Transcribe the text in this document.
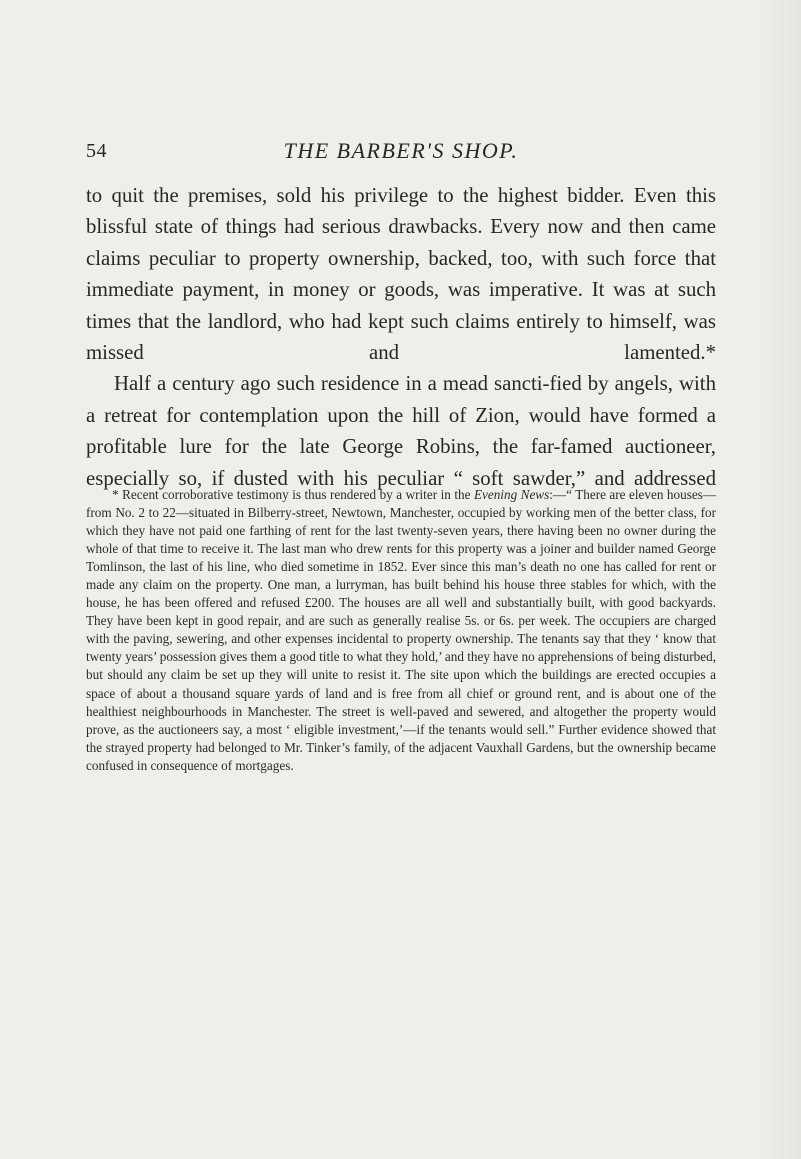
54	THE BARBER'S SHOP.

to quit the premises, sold his privilege to the highest bidder. Even this blissful state of things had serious drawbacks. Every now and then came claims peculiar to property ownership, backed, too, with such force that immediate payment, in money or goods, was imperative. It was at such times that the landlord, who had kept such claims entirely to himself, was missed and lamented.*

Half a century ago such residence in a mead sancti-fied by angels, with a retreat for contemplation upon the hill of Zion, would have formed a profitable lure for the late George Robins, the far-famed auctioneer, especially so, if dusted with his peculiar “ soft sawder,” and addressed

* Recent corroborative testimony is thus rendered by a writer in the Evening News:—“ There are eleven houses—from No. 2 to 22—situated in Bilberry-street, Newtown, Manchester, occupied by working men of the better class, for which they have not paid one farthing of rent for the last twenty-seven years, there having been no owner during the whole of that time to receive it. The last man who drew rents for this property was a joiner and builder named George Tomlinson, the last of his line, who died sometime in 1852. Ever since this man’s death no one has called for rent or made any claim on the property. One man, a lurryman, has built behind his house three stables for which, with the house, he has been offered and refused £200. The houses are all well and substantially built, with good backyards. They have been kept in good repair, and are such as generally realise 5s. or 6s. per week. The occupiers are charged with the paving, sewering, and other expenses incidental to property ownership. The tenants say that they ‘ know that twenty years’ possession gives them a good title to what they hold,’ and they have no apprehensions of being disturbed, but should any claim be set up they will unite to resist it. The site upon which the buildings are erected occupies a space of about a thousand square yards of land and is free from all chief or ground rent, and is about one of the healthiest neighbourhoods in Manchester. The street is well-paved and sewered, and altogether the property would prove, as the auctioneers say, a most ‘ eligible investment,’—if the tenants would sell.” Further evidence showed that the strayed property had belonged to Mr. Tinker’s family, of the adjacent Vauxhall Gardens, but the ownership became confused in consequence of mortgages.
